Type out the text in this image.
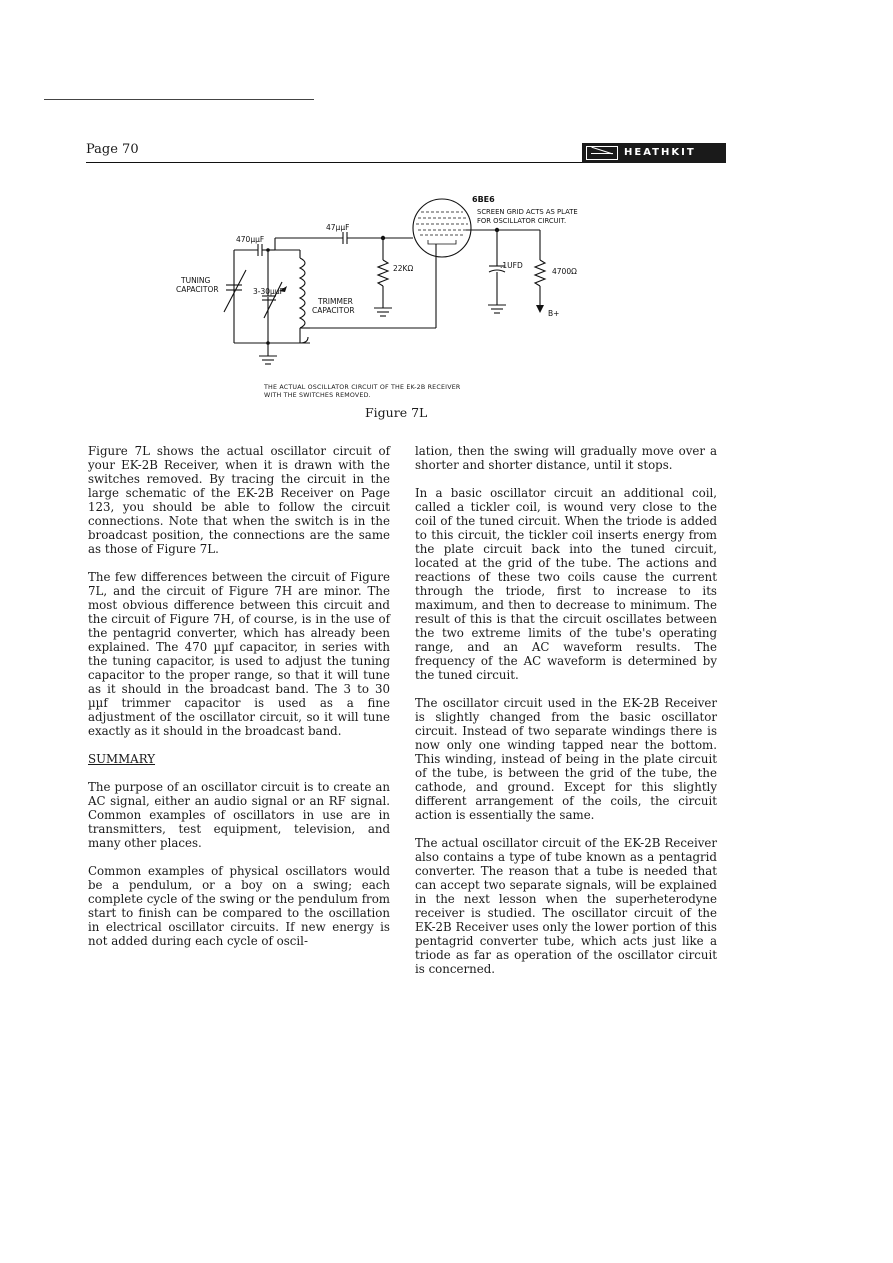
Page 70	HEATHKIT
6BE6
SCREEN GRID ACTS AS PLATE
FOR OSCILLATOR CIRCUIT.
470µµF
47µµF
22KΩ	.1UFD
4700Ω
TUNING
CAPACITOR	3-30µµF
TRIMMER
CAPACITOR	B+
THE ACTUAL OSCILLATOR CIRCUIT OF THE EK-2B RECEIVER
WITH THE SWITCHES REMOVED.
Figure 7L

Figure 7L shows the actual oscillator circuit of your EK-2B Receiver, when it is drawn with the switches removed. By tracing the circuit in the large schematic of the EK-2B Receiver on Page 123, you should be able to follow the circuit connections. Note that when the switch is in the broadcast position, the connections are the same as those of Figure 7L.

The few differences between the circuit of Figure 7L, and the circuit of Figure 7H are minor. The most obvious difference between this circuit and the circuit of Figure 7H, of course, is in the use of the pentagrid converter, which has already been explained. The 470 µµf capacitor, in series with the tuning capacitor, is used to adjust the tuning capacitor to the proper range, so that it will tune as it should in the broadcast band. The 3 to 30 µµf trimmer capacitor is used as a fine adjustment of the oscillator circuit, so it will tune exactly as it should in the broadcast band.

SUMMARY

The purpose of an oscillator circuit is to create an AC signal, either an audio signal or an RF signal. Common examples of oscillators in use are in transmitters, test equipment, television, and many other places.

Common examples of physical oscillators would be a pendulum, or a boy on a swing; each complete cycle of the swing or the pendulum from start to finish can be compared to the oscillation in electrical oscillator circuits. If new energy is not added during each cycle of oscil-

lation, then the swing will gradually move over a shorter and shorter distance, until it stops.

In a basic oscillator circuit an additional coil, called a tickler coil, is wound very close to the coil of the tuned circuit. When the triode is added to this circuit, the tickler coil inserts energy from the plate circuit back into the tuned circuit, located at the grid of the tube. The actions and reactions of these two coils cause the current through the triode, first to increase to its maximum, and then to decrease to minimum. The result of this is that the circuit oscillates between the two extreme limits of the tube's operating range, and an AC waveform results. The frequency of the AC waveform is determined by the tuned circuit.

The oscillator circuit used in the EK-2B Receiver is slightly changed from the basic oscillator circuit. Instead of two separate windings there is now only one winding tapped near the bottom. This winding, instead of being in the plate circuit of the tube, is between the grid of the tube, the cathode, and ground. Except for this slightly different arrangement of the coils, the circuit action is essentially the same.

The actual oscillator circuit of the EK-2B Receiver also contains a type of tube known as a pentagrid converter. The reason that a tube is needed that can accept two separate signals, will be explained in the next lesson when the superheterodyne receiver is studied. The oscillator circuit of the EK-2B Receiver uses only the lower portion of this pentagrid converter tube, which acts just like a triode as far as operation of the oscillator circuit is concerned.
